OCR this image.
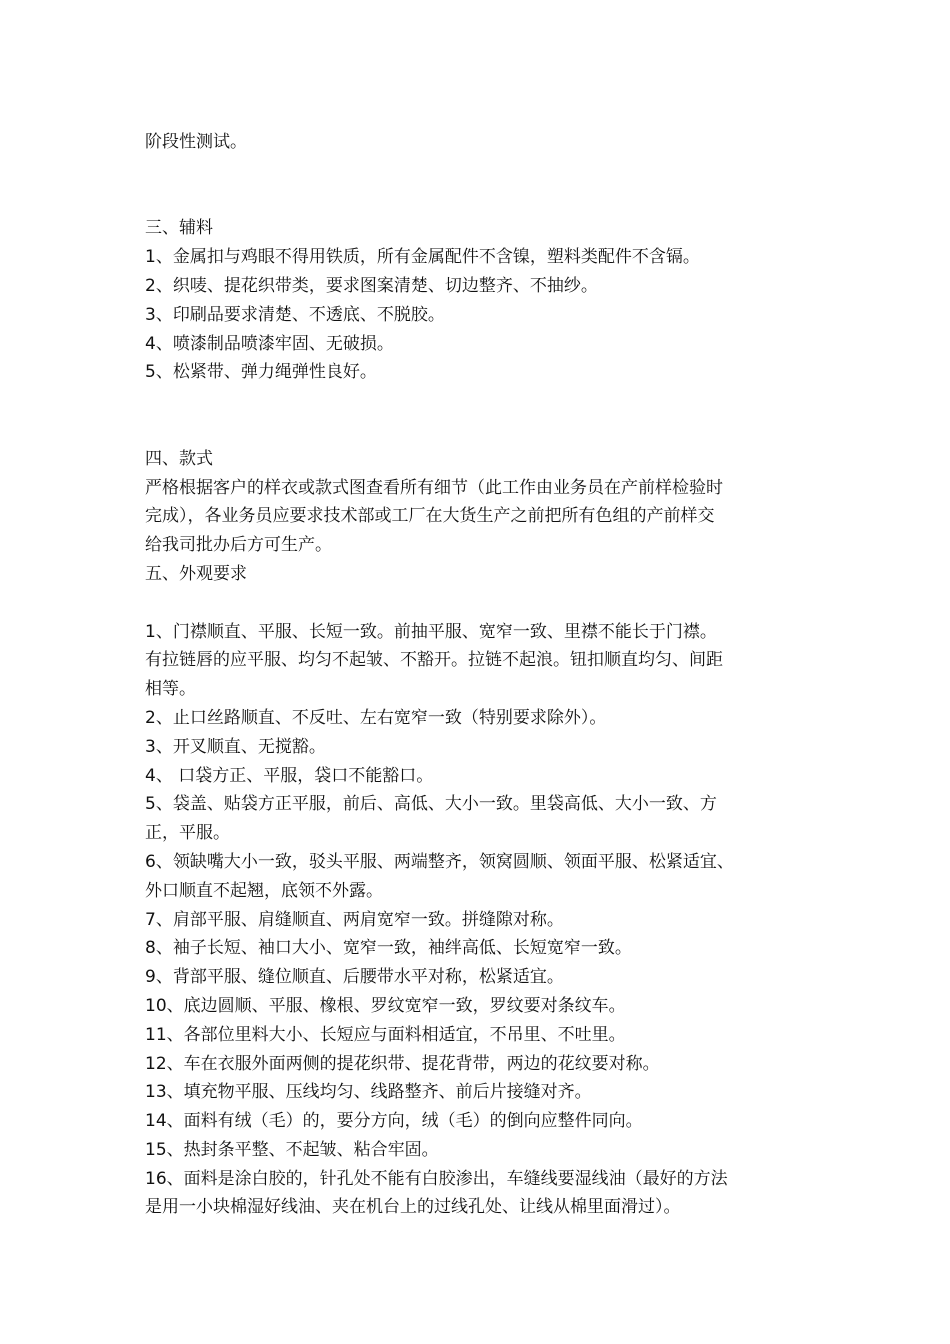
阶段性测试。
三、辅料
1、金属扣与鸡眼不得用铁质，所有金属配件不含镍，塑料类配件不含镉。
2、织唛、提花织带类，要求图案清楚、切边整齐、不抽纱。
3、印刷品要求清楚、不透底、不脱胶。
4、喷漆制品喷漆牢固、无破损。
5、松紧带、弹力绳弹性良好。
四、款式
严格根据客户的样衣或款式图查看所有细节（此工作由业务员在产前样检验时
完成），各业务员应要求技术部或工厂在大货生产之前把所有色组的产前样交
给我司批办后方可生产。
五、外观要求
1、门襟顺直、平服、长短一致。前抽平服、宽窄一致、里襟不能长于门襟。
有拉链唇的应平服、均匀不起皱、不豁开。拉链不起浪。钮扣顺直均匀、间距
相等。
2、止口丝路顺直、不反吐、左右宽窄一致（特别要求除外）。
3、开叉顺直、无搅豁。
4、 口袋方正、平服，袋口不能豁口。
5、袋盖、贴袋方正平服，前后、高低、大小一致。里袋高低、大小一致、方
正，平服。
6、领缺嘴大小一致，驳头平服、两端整齐，领窝圆顺、领面平服、松紧适宜、
外口顺直不起翘，底领不外露。
7、肩部平服、肩缝顺直、两肩宽窄一致。拼缝隙对称。
8、袖子长短、袖口大小、宽窄一致，袖绊高低、长短宽窄一致。
9、背部平服、缝位顺直、后腰带水平对称，松紧适宜。
10、底边圆顺、平服、橡根、罗纹宽窄一致，罗纹要对条纹车。
11、各部位里料大小、长短应与面料相适宜，不吊里、不吐里。
12、车在衣服外面两侧的提花织带、提花背带，两边的花纹要对称。
13、填充物平服、压线均匀、线路整齐、前后片接缝对齐。
14、面料有绒（毛）的，要分方向，绒（毛）的倒向应整件同向。
15、热封条平整、不起皱、粘合牢固。
16、面料是涂白胶的，针孔处不能有白胶渗出，车缝线要湿线油（最好的方法
是用一小块棉湿好线油、夹在机台上的过线孔处、让线从棉里面滑过）。
